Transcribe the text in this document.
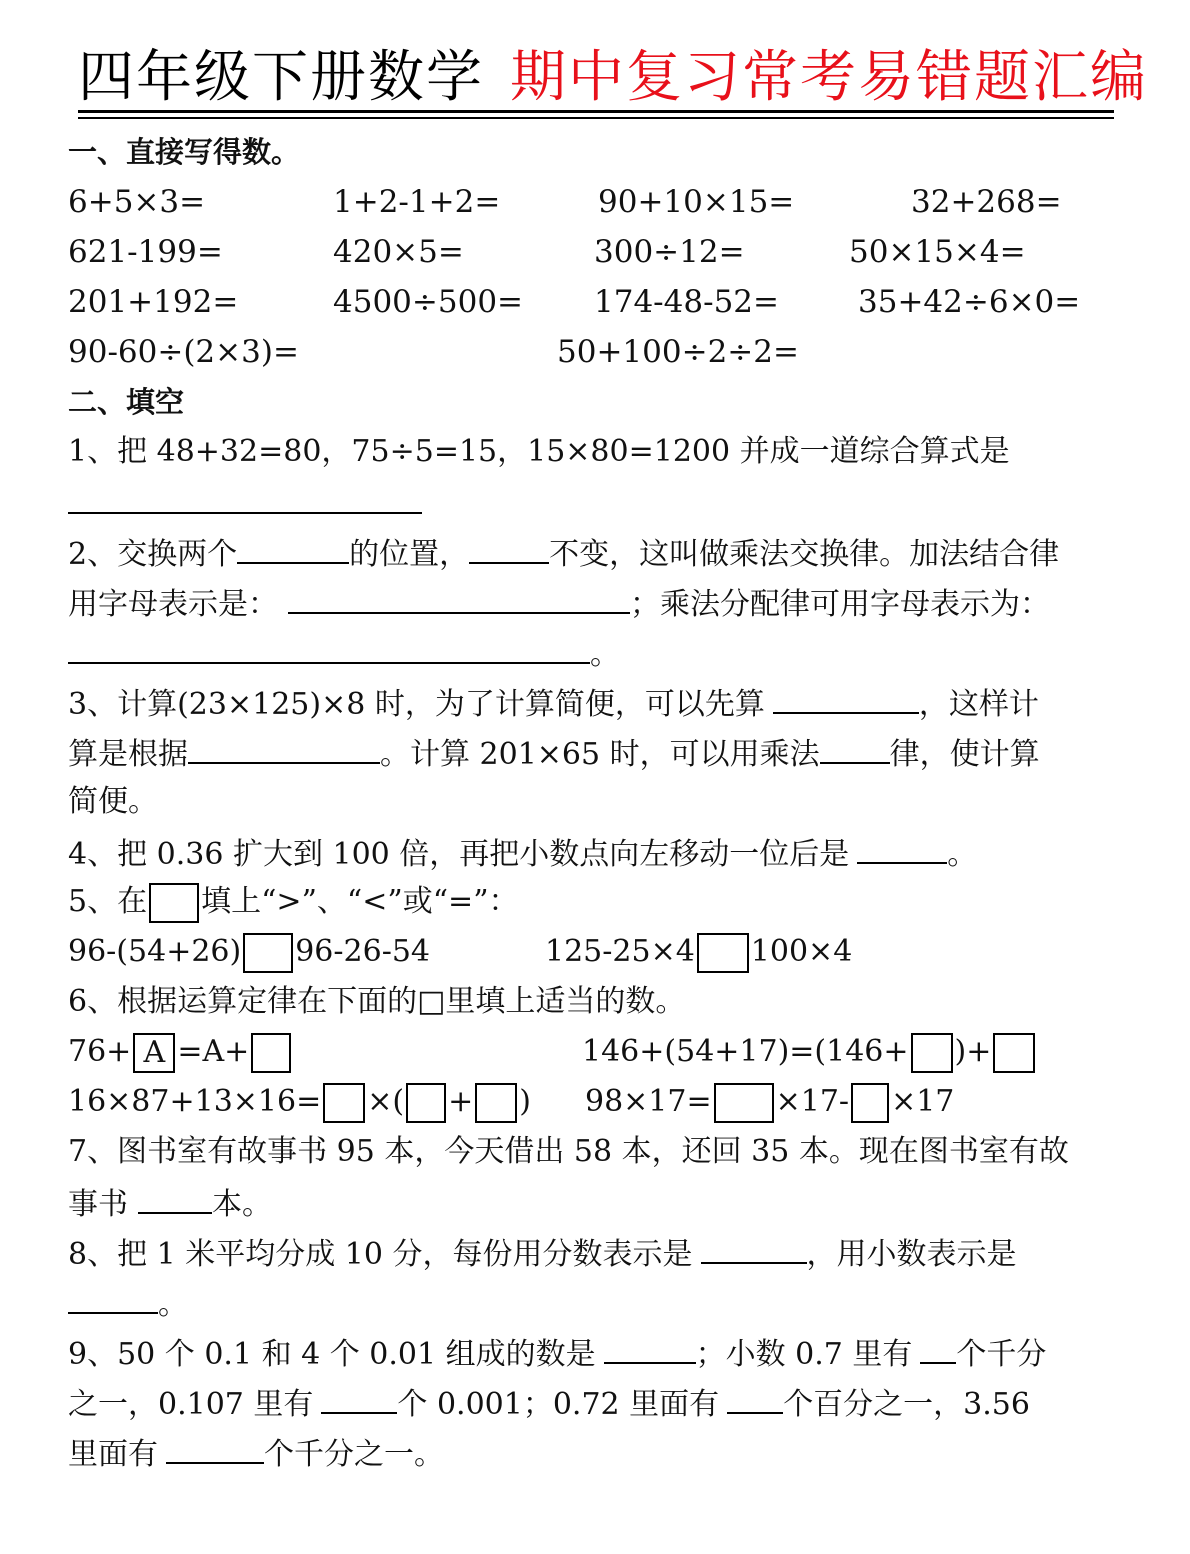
四年级下册数学 期中复习常考易错题汇编
一、直接写得数。
6+5×3=	1+2-1+2=	90+10×15=	32+268=
621-199=	420×5=	300÷12=	50×15×4=
201+192=	4500÷500= 174-48-52=	35+42÷6×0=
90-60÷(2×3)=	50+100÷2÷2=
二、填空
1、把 48+32=80，75÷5=15，15×80=1200 并成一道综合算式是
2、交换两个	的位置，	不变，这叫做乘法交换律。加法结合律
用字母表示是：	；乘法分配律可用字母表示为：
。
3、计算(23×125)×8 时，为了计算简便，可以先算	，这样计
算是根据	。计算 201×65 时，可以用乘法 律，使计算
简便。
4、把 0.36 扩大到 100 倍，再把小数点向左移动一位后是	。
5、在 填上“>”、“<”或“=”：
96-(54+26) 96-26-54	125-25×4 100×4
6、根据运算定律在下面的□里填上适当的数。
76+ A =A+	146+(54+17)=(146+ )+
16×87+13×16= ×( + ) 98×17= ×17- ×17
7、图书室有故事书 95 本，今天借出 58 本，还回 35 本。现在图书室有故
事书	本。
8、把 1 米平均分成 10 分，每份用分数表示是	，用小数表示是
。
9、50 个 0.1 和 4 个 0.01 组成的数是	；小数 0.7 里有 个千分
之一，0.107 里有	个 0.001；0.72 里面有 个百分之一，3.56
里面有	个千分之一。
